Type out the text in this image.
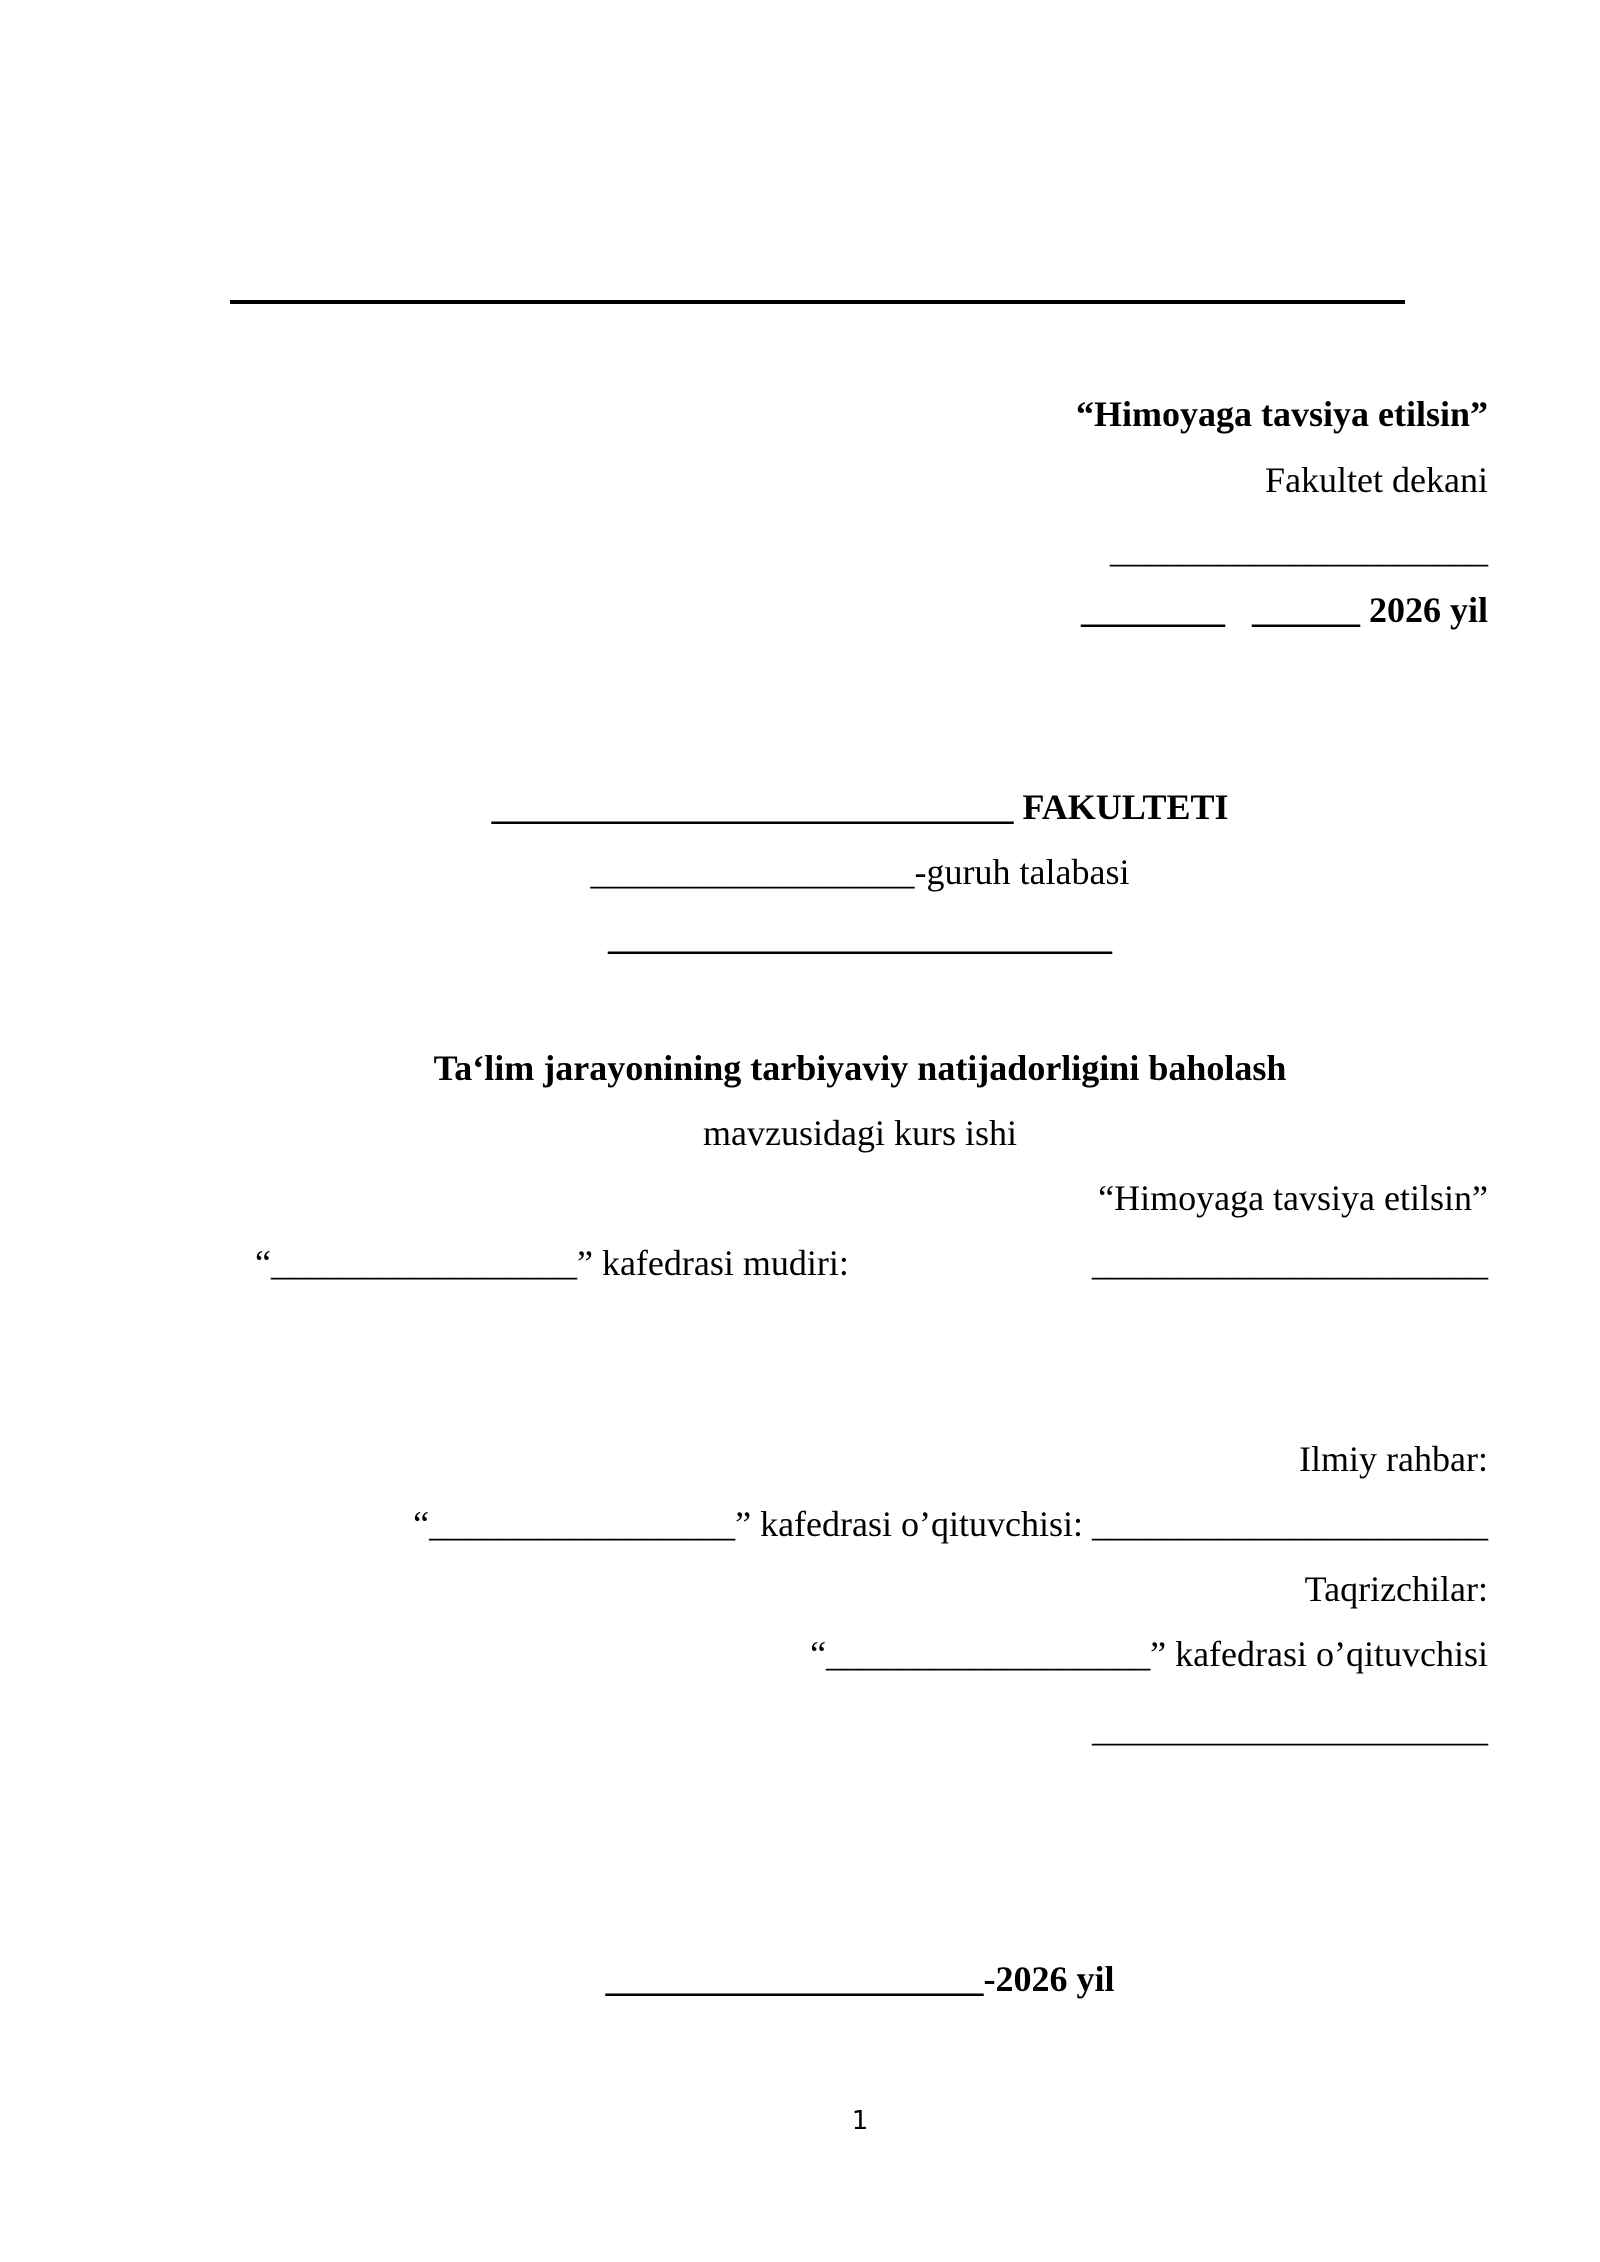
“Himoyaga tavsiya etilsin”
Fakultet dekani
_____________________
________   ______ 2026 yil
_____________________________ FAKULTETI
__________________-guruh talabasi
____________________________
Ta‘lim jarayonining tarbiyaviy natijadorligini baholash
mavzusidagi kurs ishi
“Himoyaga tavsiya etilsin”
“_________________” kafedrasi mudiri:	______________________
Ilmiy rahbar:
“_________________” kafedrasi o’qituvchisi: ______________________
Taqrizchilar:
“__________________” kafedrasi o’qituvchisi
______________________
_____________________-2026 yil
1
